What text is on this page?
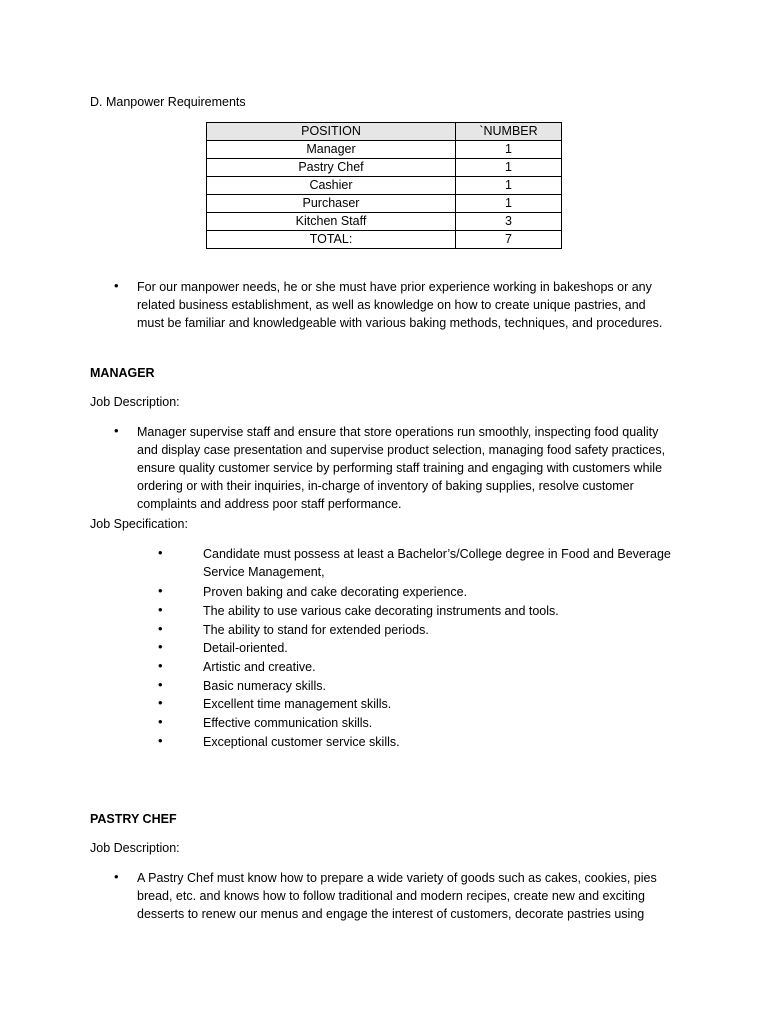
D. Manpower Requirements
POSITION	`NUMBER
Manager	1
Pastry Chef	1
Cashier	1
Purchaser	1
Kitchen Staff	3
TOTAL:	7
• For our manpower needs, he or she must have prior experience working in bakeshops or any
related business establishment, as well as knowledge on how to create unique pastries, and
must be familiar and knowledgeable with various baking methods, techniques, and procedures.
MANAGER
Job Description:
• Manager supervise staff and ensure that store operations run smoothly, inspecting food quality
and display case presentation and supervise product selection, managing food safety practices,
ensure quality customer service by performing staff training and engaging with customers while
ordering or with their inquiries, in-charge of inventory of baking supplies, resolve customer
complaints and address poor staff performance.
Job Specification:
•	Candidate must possess at least a Bachelor’s/College degree in Food and Beverage
Service Management,
•	Proven baking and cake decorating experience.
•	The ability to use various cake decorating instruments and tools.
•	The ability to stand for extended periods.
•	Detail-oriented.
•	Artistic and creative.
•	Basic numeracy skills.
•	Excellent time management skills.
•	Effective communication skills.
•	Exceptional customer service skills.
PASTRY CHEF
Job Description:
• A Pastry Chef must know how to prepare a wide variety of goods such as cakes, cookies, pies
bread, etc. and knows how to follow traditional and modern recipes, create new and exciting
desserts to renew our menus and engage the interest of customers, decorate pastries using
